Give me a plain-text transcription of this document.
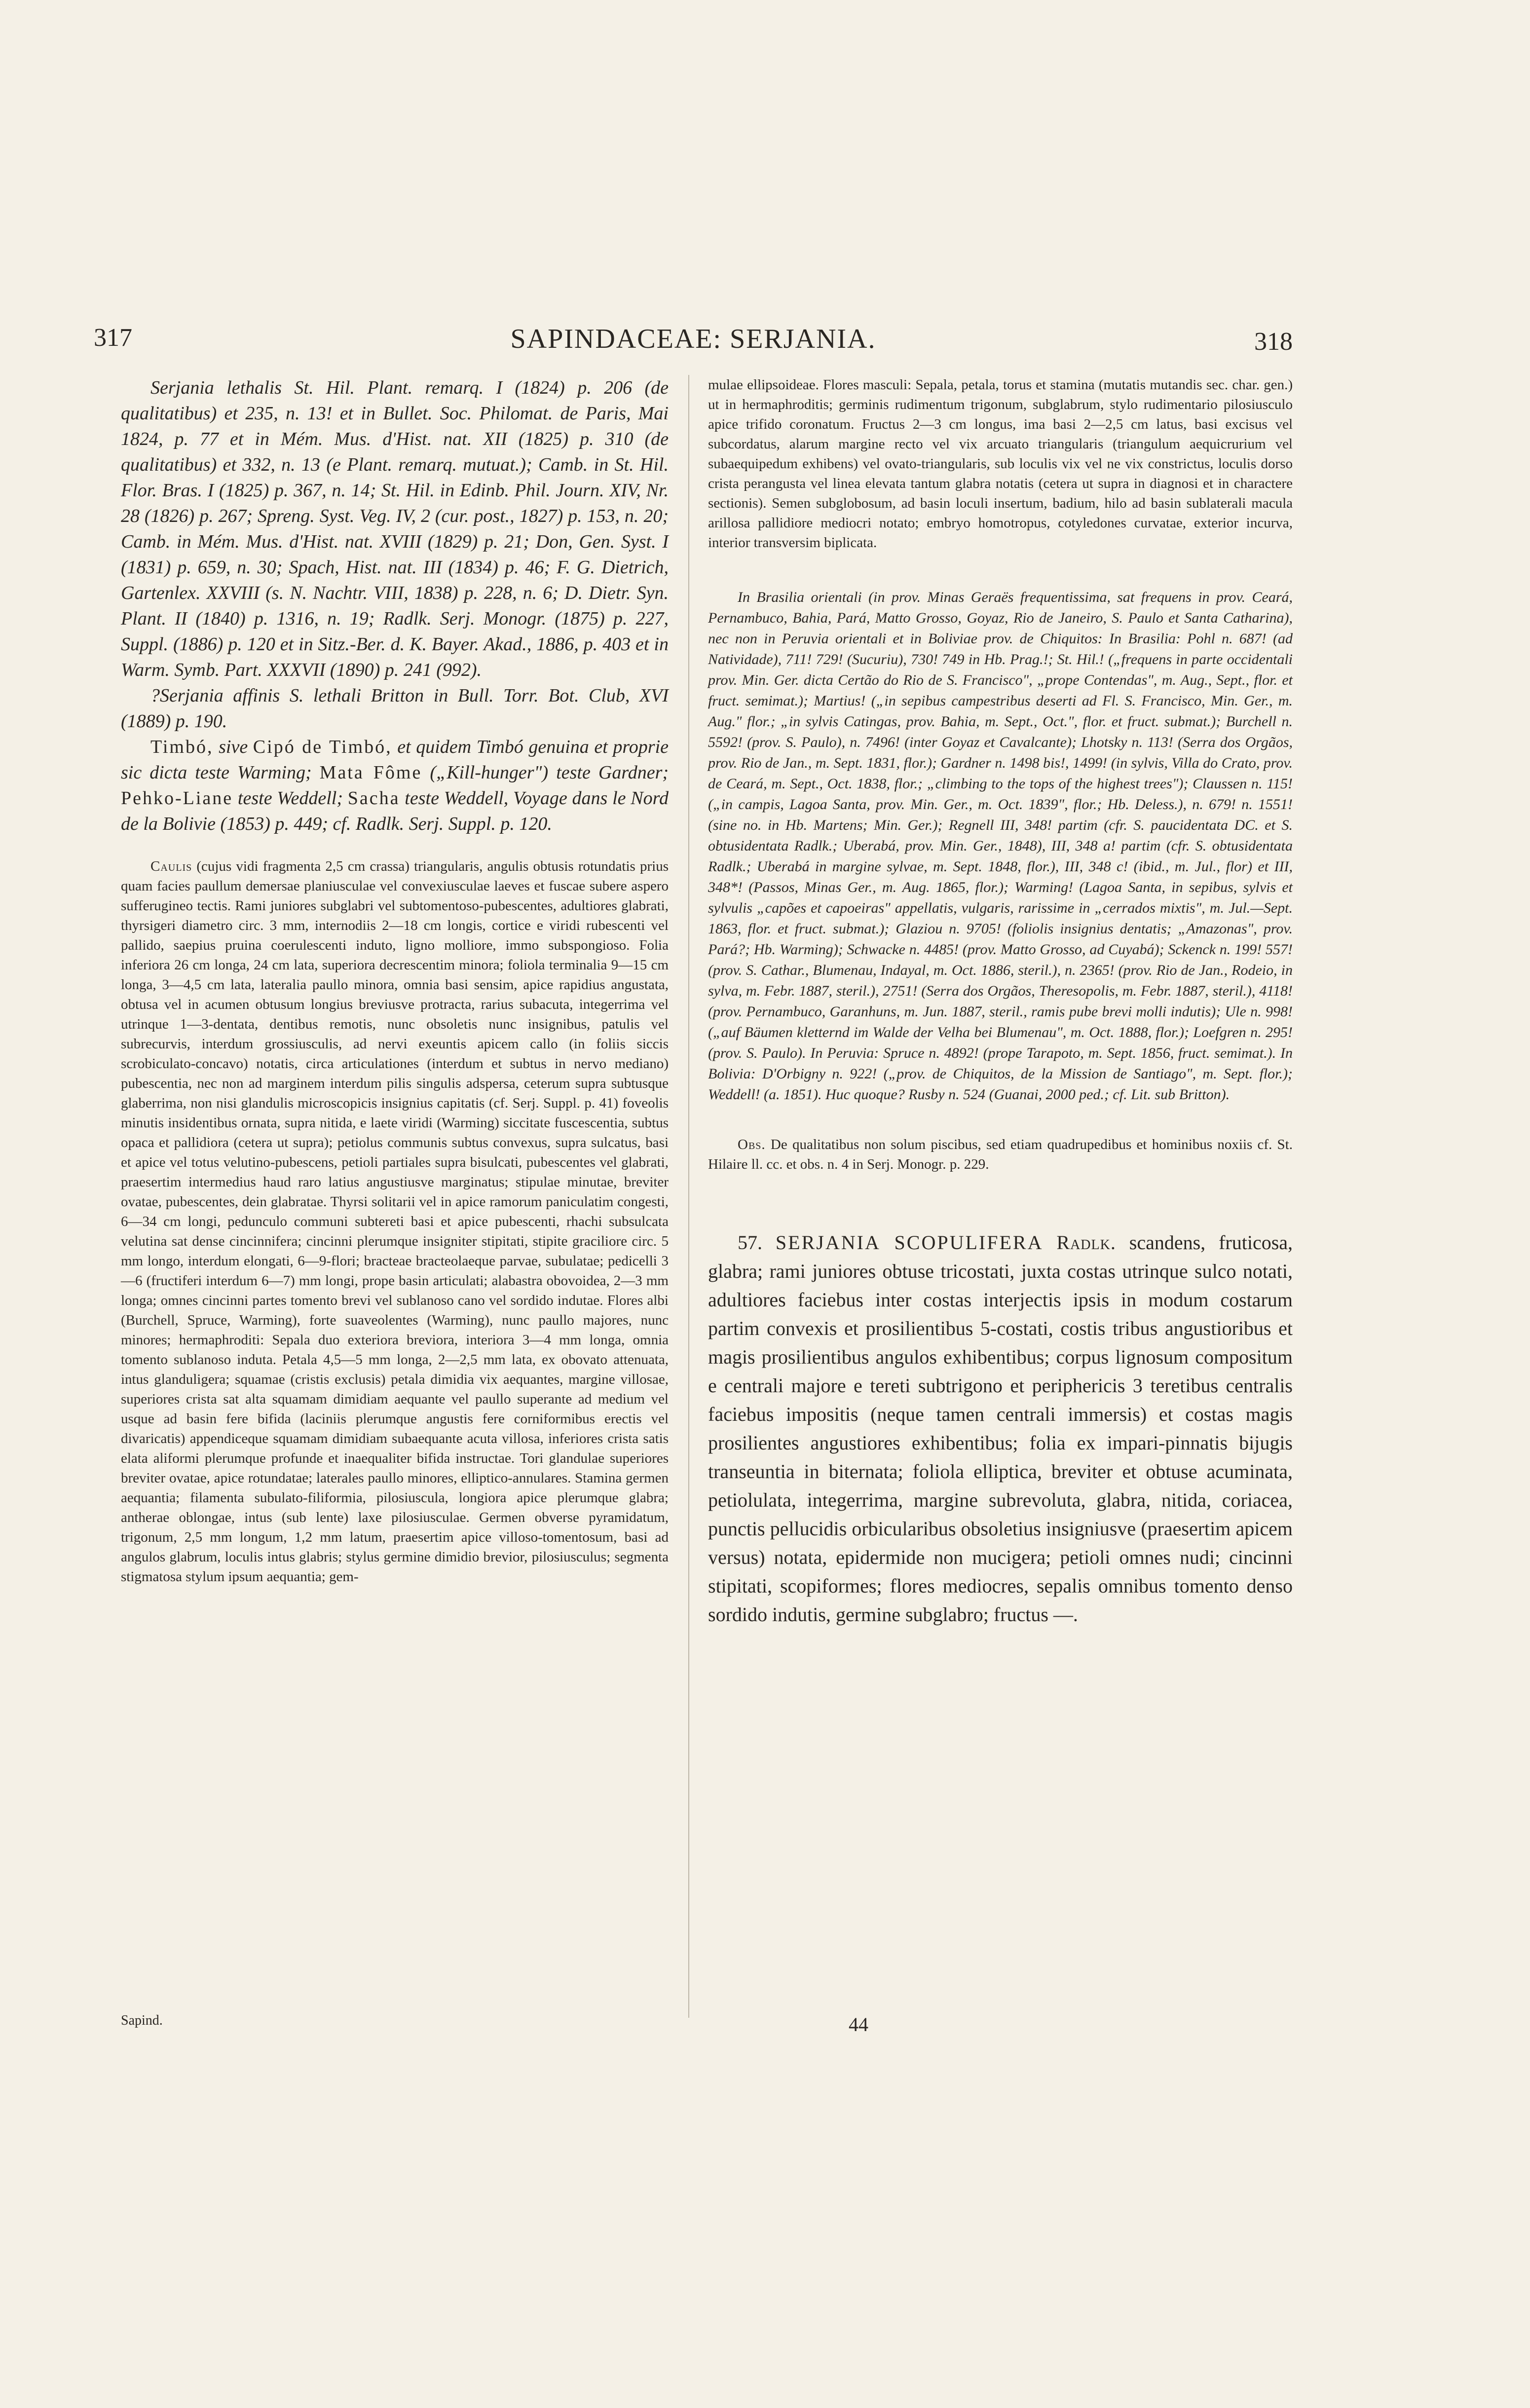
317	SAPINDACEAE: SERJANIA.	318

Serjania lethalis St. Hil. Plant. remarq. I (1824) p. 206 (de qualitatibus) et 235, n. 13! et in Bullet. Soc. Philomat. de Paris, Mai 1824, p. 77 et in Mém. Mus. d'Hist. nat. XII (1825) p. 310 (de qualitatibus) et 332, n. 13 (e Plant. remarq. mutuat.); Camb. in St. Hil. Flor. Bras. I (1825) p. 367, n. 14; St. Hil. in Edinb. Phil. Journ. XIV, Nr. 28 (1826) p. 267; Spreng. Syst. Veg. IV, 2 (cur. post., 1827) p. 153, n. 20; Camb. in Mém. Mus. d'Hist. nat. XVIII (1829) p. 21; Don, Gen. Syst. I (1831) p. 659, n. 30; Spach, Hist. nat. III (1834) p. 46; F. G. Dietrich, Gartenlex. XXVIII (s. N. Nachtr. VIII, 1838) p. 228, n. 6; D. Dietr. Syn. Plant. II (1840) p. 1316, n. 19; Radlk. Serj. Monogr. (1875) p. 227, Suppl. (1886) p. 120 et in Sitz.-Ber. d. K. Bayer. Akad., 1886, p. 403 et in Warm. Symb. Part. XXXVII (1890) p. 241 (992).

?Serjania affinis S. lethali Britton in Bull. Torr. Bot. Club, XVI (1889) p. 190.

Timbó, sive Cipó de Timbó, et quidem Timbó genuina et proprie sic dicta teste Warming; Mata Fôme („Kill-hunger") teste Gardner; Pehko-Liane teste Weddell; Sacha teste Weddell, Voyage dans le Nord de la Bolivie (1853) p. 449; cf. Radlk. Serj. Suppl. p. 120.

Caulis (cujus vidi fragmenta 2,5 cm crassa) triangularis, angulis obtusis rotundatis prius quam facies paullum demersae planiusculae vel convexiusculae laeves et fuscae subere aspero sufferugineo tectis. Rami juniores subglabri vel subtomentoso-pubescentes, adultiores glabrati, thyrsigeri diametro circ. 3 mm, internodiis 2—18 cm longis, cortice e viridi rubescenti vel pallido, saepius pruina coerulescenti induto, ligno molliore, immo subspongioso. Folia inferiora 26 cm longa, 24 cm lata, superiora decrescentim minora; foliola terminalia 9—15 cm longa, 3—4,5 cm lata, lateralia paullo minora, omnia basi sensim, apice rapidius angustata, obtusa vel in acumen obtusum longius breviusve protracta, rarius subacuta, integerrima vel utrinque 1—3-dentata, dentibus remotis, nunc obsoletis nunc insignibus, patulis vel subrecurvis, interdum grossiusculis, ad nervi exeuntis apicem callo (in foliis siccis scrobiculato-concavo) notatis, circa articulationes (interdum et subtus in nervo mediano) pubescentia, nec non ad marginem interdum pilis singulis adspersa, ceterum supra subtusque glaberrima, non nisi glandulis microscopicis insignius capitatis (cf. Serj. Suppl. p. 41) foveolis minutis insidentibus ornata, supra nitida, e laete viridi (Warming) siccitate fuscescentia, subtus opaca et pallidiora (cetera ut supra); petiolus communis subtus convexus, supra sulcatus, basi et apice vel totus velutino-pubescens, petioli partiales supra bisulcati, pubescentes vel glabrati, praesertim intermedius haud raro latius angustiusve marginatus; stipulae minutae, breviter ovatae, pubescentes, dein glabratae. Thyrsi solitarii vel in apice ramorum paniculatim congesti, 6—34 cm longi, pedunculo communi subtereti basi et apice pubescenti, rhachi subsulcata velutina sat dense cincinnifera; cincinni plerumque insigniter stipitati, stipite graciliore circ. 5 mm longo, interdum elongati, 6—9-flori; bracteae bracteolaeque parvae, subulatae; pedicelli 3—6 (fructiferi interdum 6—7) mm longi, prope basin articulati; alabastra obovoidea, 2—3 mm longa; omnes cincinni partes tomento brevi vel sublanoso cano vel sordido indutae. Flores albi (Burchell, Spruce, Warming), forte suaveolentes (Warming), nunc paullo majores, nunc minores; hermaphroditi: Sepala duo exteriora breviora, interiora 3—4 mm longa, omnia tomento sublanoso induta. Petala 4,5—5 mm longa, 2—2,5 mm lata, ex obovato attenuata, intus glanduligera; squamae (cristis exclusis) petala dimidia vix aequantes, margine villosae, superiores crista sat alta squamam dimidiam aequante vel paullo superante ad medium vel usque ad basin fere bifida (laciniis plerumque angustis fere corniformibus erectis vel divaricatis) appendiceque squamam dimidiam subaequante acuta villosa, inferiores crista satis elata aliformi plerumque profunde et inaequaliter bifida instructae. Tori glandulae superiores breviter ovatae, apice rotundatae; laterales paullo minores, elliptico-annulares. Stamina germen aequantia; filamenta subulato-filiformia, pilosiuscula, longiora apice plerumque glabra; antherae oblongae, intus (sub lente) laxe pilosiusculae. Germen obverse pyramidatum, trigonum, 2,5 mm longum, 1,2 mm latum, praesertim apice villoso-tomentosum, basi ad angulos glabrum, loculis intus glabris; stylus germine dimidio brevior, pilosiusculus; segmenta stigmatosa stylum ipsum aequantia; gem-

mulae ellipsoideae. Flores masculi: Sepala, petala, torus et stamina (mutatis mutandis sec. char. gen.) ut in hermaphroditis; germinis rudimentum trigonum, subglabrum, stylo rudimentario pilosiusculo apice trifido coronatum. Fructus 2—3 cm longus, ima basi 2—2,5 cm latus, basi excisus vel subcordatus, alarum margine recto vel vix arcuato triangularis (triangulum aequicrurium vel subaequipedum exhibens) vel ovato-triangularis, sub loculis vix vel ne vix constrictus, loculis dorso crista perangusta vel linea elevata tantum glabra notatis (cetera ut supra in diagnosi et in charactere sectionis). Semen subglobosum, ad basin loculi insertum, badium, hilo ad basin sublaterali macula arillosa pallidiore mediocri notato; embryo homotropus, cotyledones curvatae, exterior incurva, interior transversim biplicata.

In Brasilia orientali (in prov. Minas Geraës frequentissima, sat frequens in prov. Ceará, Pernambuco, Bahia, Pará, Matto Grosso, Goyaz, Rio de Janeiro, S. Paulo et Santa Catharina), nec non in Peruvia orientali et in Boliviae prov. de Chiquitos: In Brasilia: Pohl n. 687! (ad Natividade), 711! 729! (Sucuriu), 730! 749 in Hb. Prag.!; St. Hil.! („frequens in parte occidentali prov. Min. Ger. dicta Certão do Rio de S. Francisco", „prope Contendas", m. Aug., Sept., flor. et fruct. semimat.); Martius! („in sepibus campestribus deserti ad Fl. S. Francisco, Min. Ger., m. Aug." flor.; „in sylvis Catingas, prov. Bahia, m. Sept., Oct.", flor. et fruct. submat.); Burchell n. 5592! (prov. S. Paulo), n. 7496! (inter Goyaz et Cavalcante); Lhotsky n. 113! (Serra dos Orgãos, prov. Rio de Jan., m. Sept. 1831, flor.); Gardner n. 1498 bis!, 1499! (in sylvis, Villa do Crato, prov. de Ceará, m. Sept., Oct. 1838, flor.; „climbing to the tops of the highest trees"); Claussen n. 115! („in campis, Lagoa Santa, prov. Min. Ger., m. Oct. 1839", flor.; Hb. Deless.), n. 679! n. 1551! (sine no. in Hb. Martens; Min. Ger.); Regnell III, 348! partim (cfr. S. paucidentata DC. et S. obtusidentata Radlk.; Uberabá, prov. Min. Ger., 1848), III, 348 a! partim (cfr. S. obtusidentata Radlk.; Uberabá in margine sylvae, m. Sept. 1848, flor.), III, 348 c! (ibid., m. Jul., flor) et III, 348*! (Passos, Minas Ger., m. Aug. 1865, flor.); Warming! (Lagoa Santa, in sepibus, sylvis et sylvulis „capões et capoeiras" appellatis, vulgaris, rarissime in „cerrados mixtis", m. Jul.—Sept. 1863, flor. et fruct. submat.); Glaziou n. 9705! (foliolis insignius dentatis; „Amazonas", prov. Pará?; Hb. Warming); Schwacke n. 4485! (prov. Matto Grosso, ad Cuyabá); Sckenck n. 199! 557! (prov. S. Cathar., Blumenau, Indayal, m. Oct. 1886, steril.), n. 2365! (prov. Rio de Jan., Rodeio, in sylva, m. Febr. 1887, steril.), 2751! (Serra dos Orgãos, Theresopolis, m. Febr. 1887, steril.), 4118! (prov. Pernambuco, Garanhuns, m. Jun. 1887, steril., ramis pube brevi molli indutis); Ule n. 998! („auf Bäumen kletternd im Walde der Velha bei Blumenau", m. Oct. 1888, flor.); Loefgren n. 295! (prov. S. Paulo). In Peruvia: Spruce n. 4892! (prope Tarapoto, m. Sept. 1856, fruct. semimat.). In Bolivia: D'Orbigny n. 922! („prov. de Chiquitos, de la Mission de Santiago", m. Sept. flor.); Weddell! (a. 1851). Huc quoque? Rusby n. 524 (Guanai, 2000 ped.; cf. Lit. sub Britton).

Obs. De qualitatibus non solum piscibus, sed etiam quadrupedibus et hominibus noxiis cf. St. Hilaire ll. cc. et obs. n. 4 in Serj. Monogr. p. 229.

57. SERJANIA SCOPULIFERA Radlk. scandens, fruticosa, glabra; rami juniores obtuse tricostati, juxta costas utrinque sulco notati, adultiores faciebus inter costas interjectis ipsis in modum costarum partim convexis et prosilientibus 5-costati, costis tribus angustioribus et magis prosilientibus angulos exhibentibus; corpus lignosum compositum e centrali majore e tereti subtrigono et periphericis 3 teretibus centralis faciebus impositis (neque tamen centrali immersis) et costas magis prosilientes angustiores exhibentibus; folia ex impari-pinnatis bijugis transeuntia in biternata; foliola elliptica, breviter et obtuse acuminata, petiolulata, integerrima, margine subrevoluta, glabra, nitida, coriacea, punctis pellucidis orbicularibus obsoletius insigniusve (praesertim apicem versus) notata, epidermide non mucigera; petioli omnes nudi; cincinni stipitati, scopiformes; flores mediocres, sepalis omnibus tomento denso sordido indutis, germine subglabro; fructus —.

Sapind.	44
